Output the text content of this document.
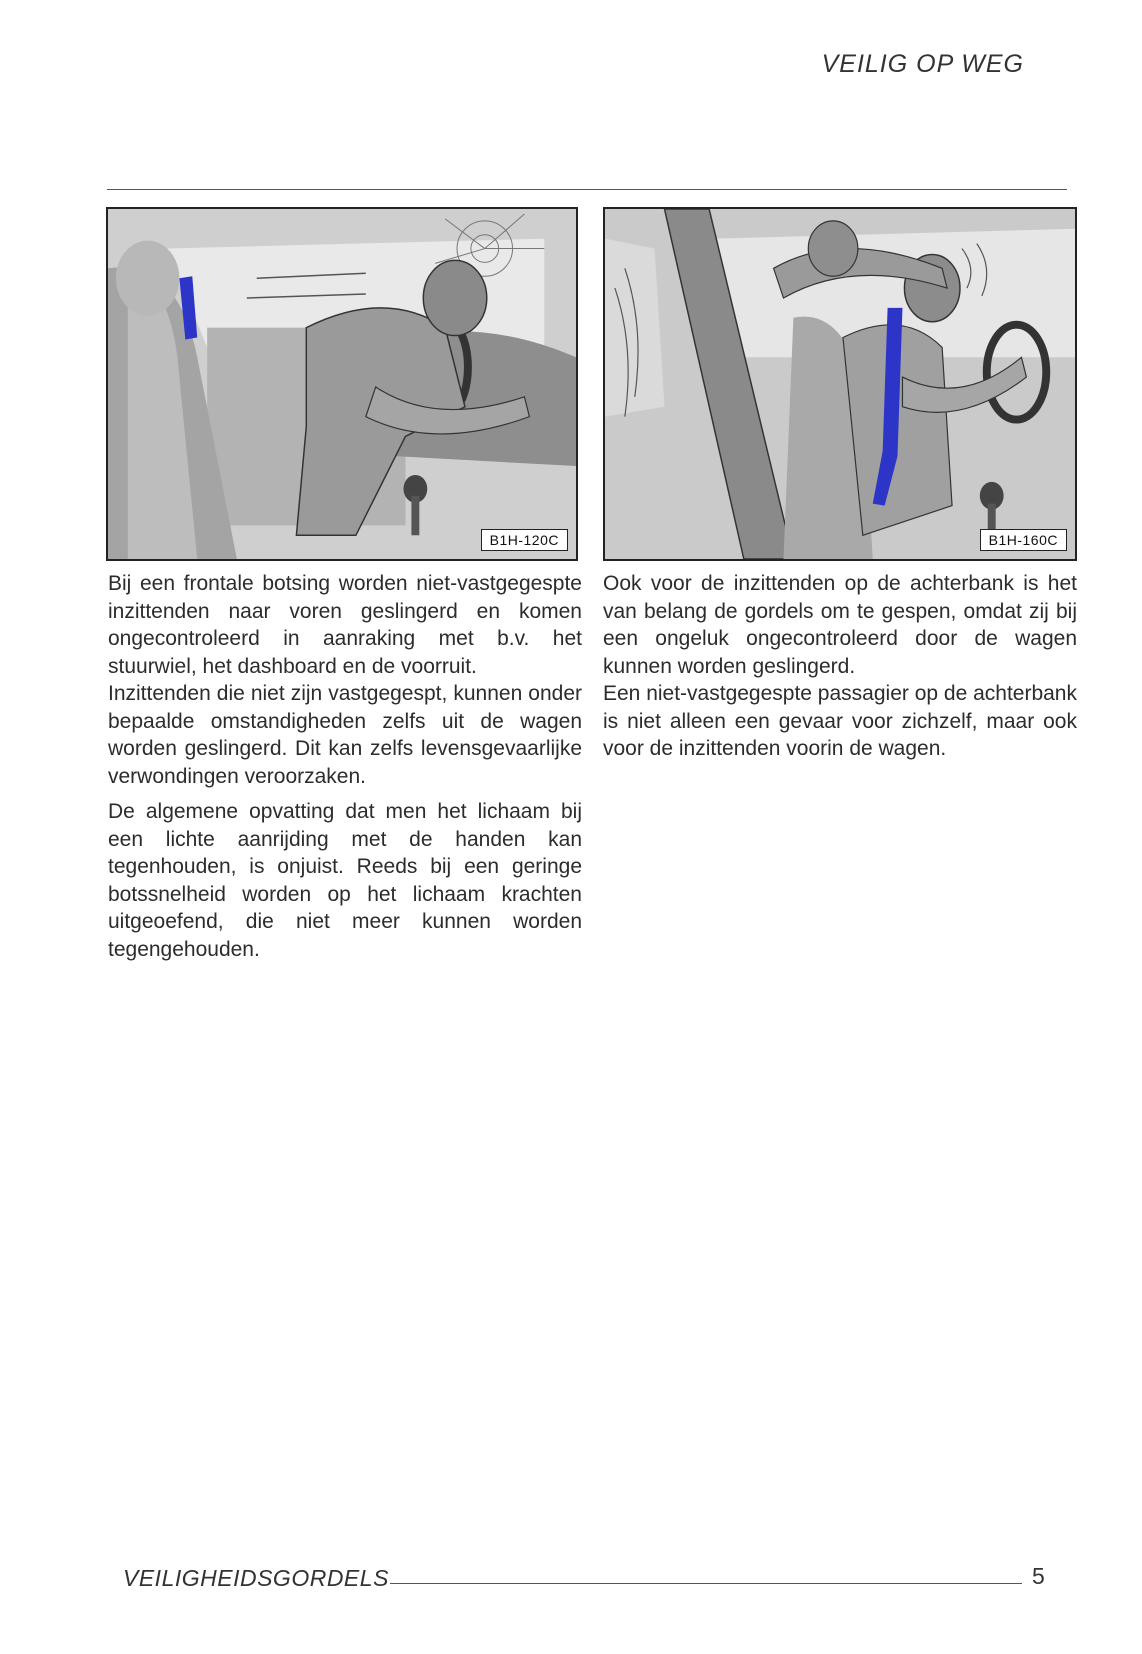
VEILIG OP WEG
B1H-120C	B1H-160C

Bij een frontale botsing worden niet-vastgegespte inzittenden naar voren geslingerd en komen ongecontroleerd in aanraking met b.v. het stuurwiel, het dashboard en de voorruit.

Inzittenden die niet zijn vastgegespt, kunnen onder bepaalde omstandigheden zelfs uit de wagen worden geslingerd. Dit kan zelfs levensgevaarlijke verwondingen veroorzaken.

De algemene opvatting dat men het lichaam bij een lichte aanrijding met de handen kan tegenhouden, is onjuist. Reeds bij een geringe botssnelheid worden op het lichaam krachten uitgeoefend, die niet meer kunnen worden tegengehouden.

Ook voor de inzittenden op de achterbank is het van belang de gordels om te gespen, omdat zij bij een ongeluk ongecontroleerd door de wagen kunnen worden geslingerd.

Een niet-vastgegespte passagier op de achterbank is niet alleen een gevaar voor zichzelf, maar ook voor de inzittenden voorin de wagen.

VEILIGHEIDSGORDELS	5
